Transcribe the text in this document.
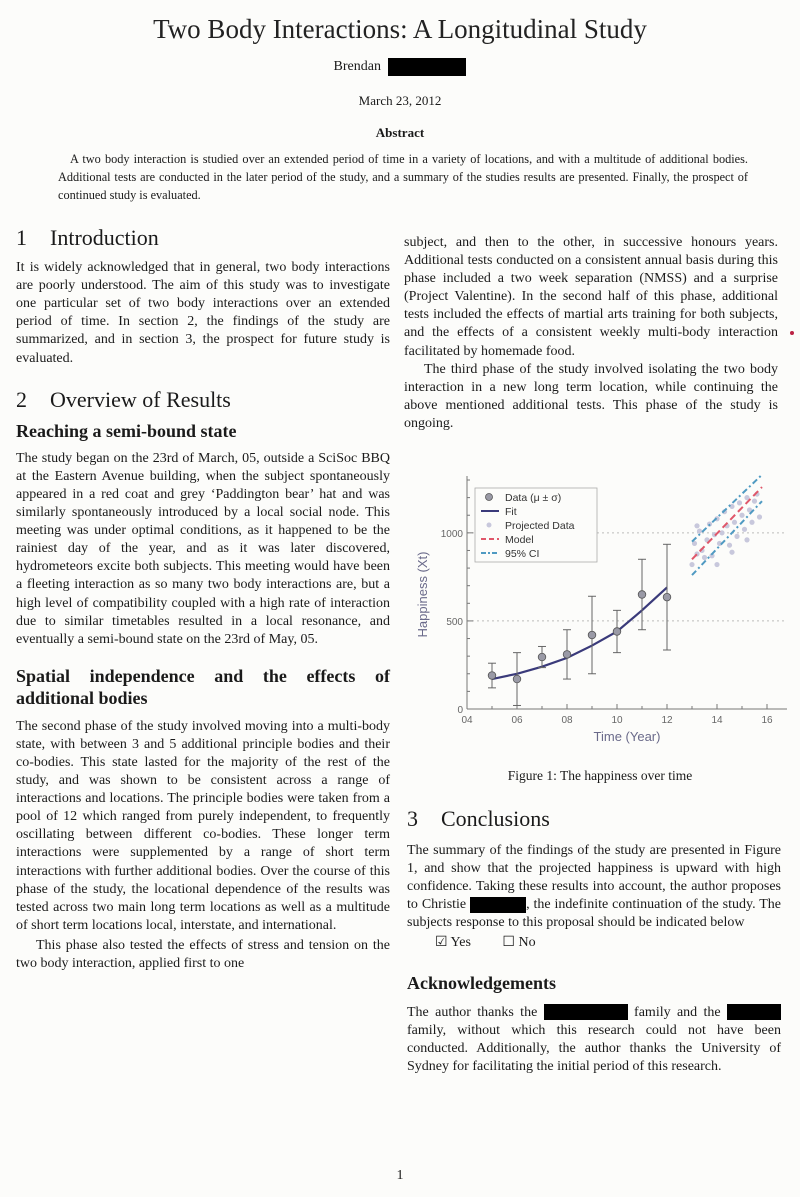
Two Body Interactions: A Longitudinal Study
Brendan
March 23, 2012
Abstract
A two body interaction is studied over an extended period of time in a variety of locations, and with a multitude of additional bodies. Additional tests are conducted in the later period of the study, and a summary of the studies results are presented. Finally, the prospect of continued study is evaluated.
1 Introduction

It is widely acknowledged that in general, two body interactions are poorly understood. The aim of this study was to investigate one particular set of two body interactions over an extended period of time. In section 2, the findings of the study are summarized, and in section 3, the prospect for future study is evaluated.

2 Overview of Results
Reaching a semi-bound state

The study began on the 23rd of March, 05, outside a SciSoc BBQ at the Eastern Avenue building, when the subject spontaneously appeared in a red coat and grey ‘Paddington bear’ hat and was similarly spontaneously introduced by a local social node. This meeting was under optimal conditions, as it happened to be the rainiest day of the year, and as it was later discovered, hydrometeors excite both subjects. This meeting would have been a fleeting interaction as so many two body interactions are, but a high level of compatibility coupled with a high rate of interaction due to similar timetables resulted in a local resonance, and eventually a semi-bound state on the 23rd of May, 05.

Spatial independence and the effects of additional bodies

The second phase of the study involved moving into a multi-body state, with between 3 and 5 additional principle bodies and their co-bodies. This state lasted for the majority of the rest of the study, and was shown to be consistent across a range of interactions and locations. The principle bodies were taken from a pool of 12 which ranged from purely independent, to frequently oscillating between different co-bodies. These longer term interactions were supplemented by a range of short term interactions with further additional bodies. Over the course of this phase of the study, the locational dependence of the results was tested across two main long term locations as well as a multitude of short term locations local, interstate, and international.

This phase also tested the effects of stress and tension on the two body interaction, applied first to one

subject, and then to the other, in successive honours years. Additional tests conducted on a consistent annual basis during this phase included a two week separation (NMSS) and a surprise (Project Valentine). In the second half of this phase, additional tests included the effects of martial arts training for both subjects, and the effects of a consistent weekly multi-body interaction facilitated by homemade food.

The third phase of the study involved isolating the two body interaction in a new long term location, while continuing the above mentioned additional tests. This phase of the study is ongoing.

04	06	08	10	12	14	16
0
500
1000
Time (Year)
Happiness (Xt)
Data (μ ± σ)
Fit
Projected Data
Model
95% CI
Figure 1: The happiness over time
3 Conclusions

The summary of the findings of the study are presented in Figure 1, and show that the projected happiness is upward with high confidence. Taking these results into account, the author proposes to Christie	, the indefinite continuation of the study. The subjects response to this proposal should be indicated below

☑ Yes ☐ No
Acknowledgements

The author thanks the	family and the  family, without which this research could not have been conducted. Additionally, the author thanks the University of Sydney for facilitating the initial period of this research.

1
